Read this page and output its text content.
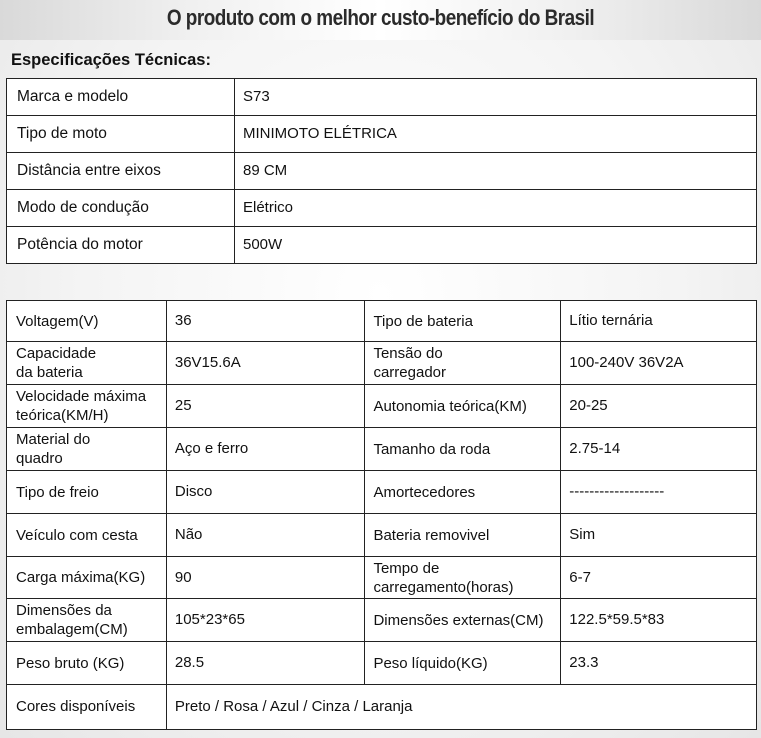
O produto com o melhor custo-benefício do Brasil
Especificações Técnicas:
Marca e modelo	S73
Tipo de moto	MINIMOTO ELÉTRICA
Distância entre eixos	89 CM
Modo de condução	Elétrico
Potência do motor	500W
Voltagem(V)	36	Tipo de bateria	Lítio ternária
Capacidade
da bateria	36V15.6A	Tensão do
carregador	100-240V 36V2A
Velocidade máxima
teórica(KM/H)	25	Autonomia teórica(KM)	20-25
Material do
quadro	Aço e ferro	Tamanho da roda	2.75-14
Tipo de freio	Disco	Amortecedores	-------------------
Veículo com cesta	Não	Bateria removivel	Sim
Carga máxima(KG)	90	Tempo de
carregamento(horas)	6-7
Dimensões da
embalagem(CM)	105*23*65	Dimensões externas(CM)	122.5*59.5*83
Peso bruto (KG)	28.5	Peso líquido(KG)	23.3
Cores disponíveis	Preto / Rosa / Azul / Cinza / Laranja		
